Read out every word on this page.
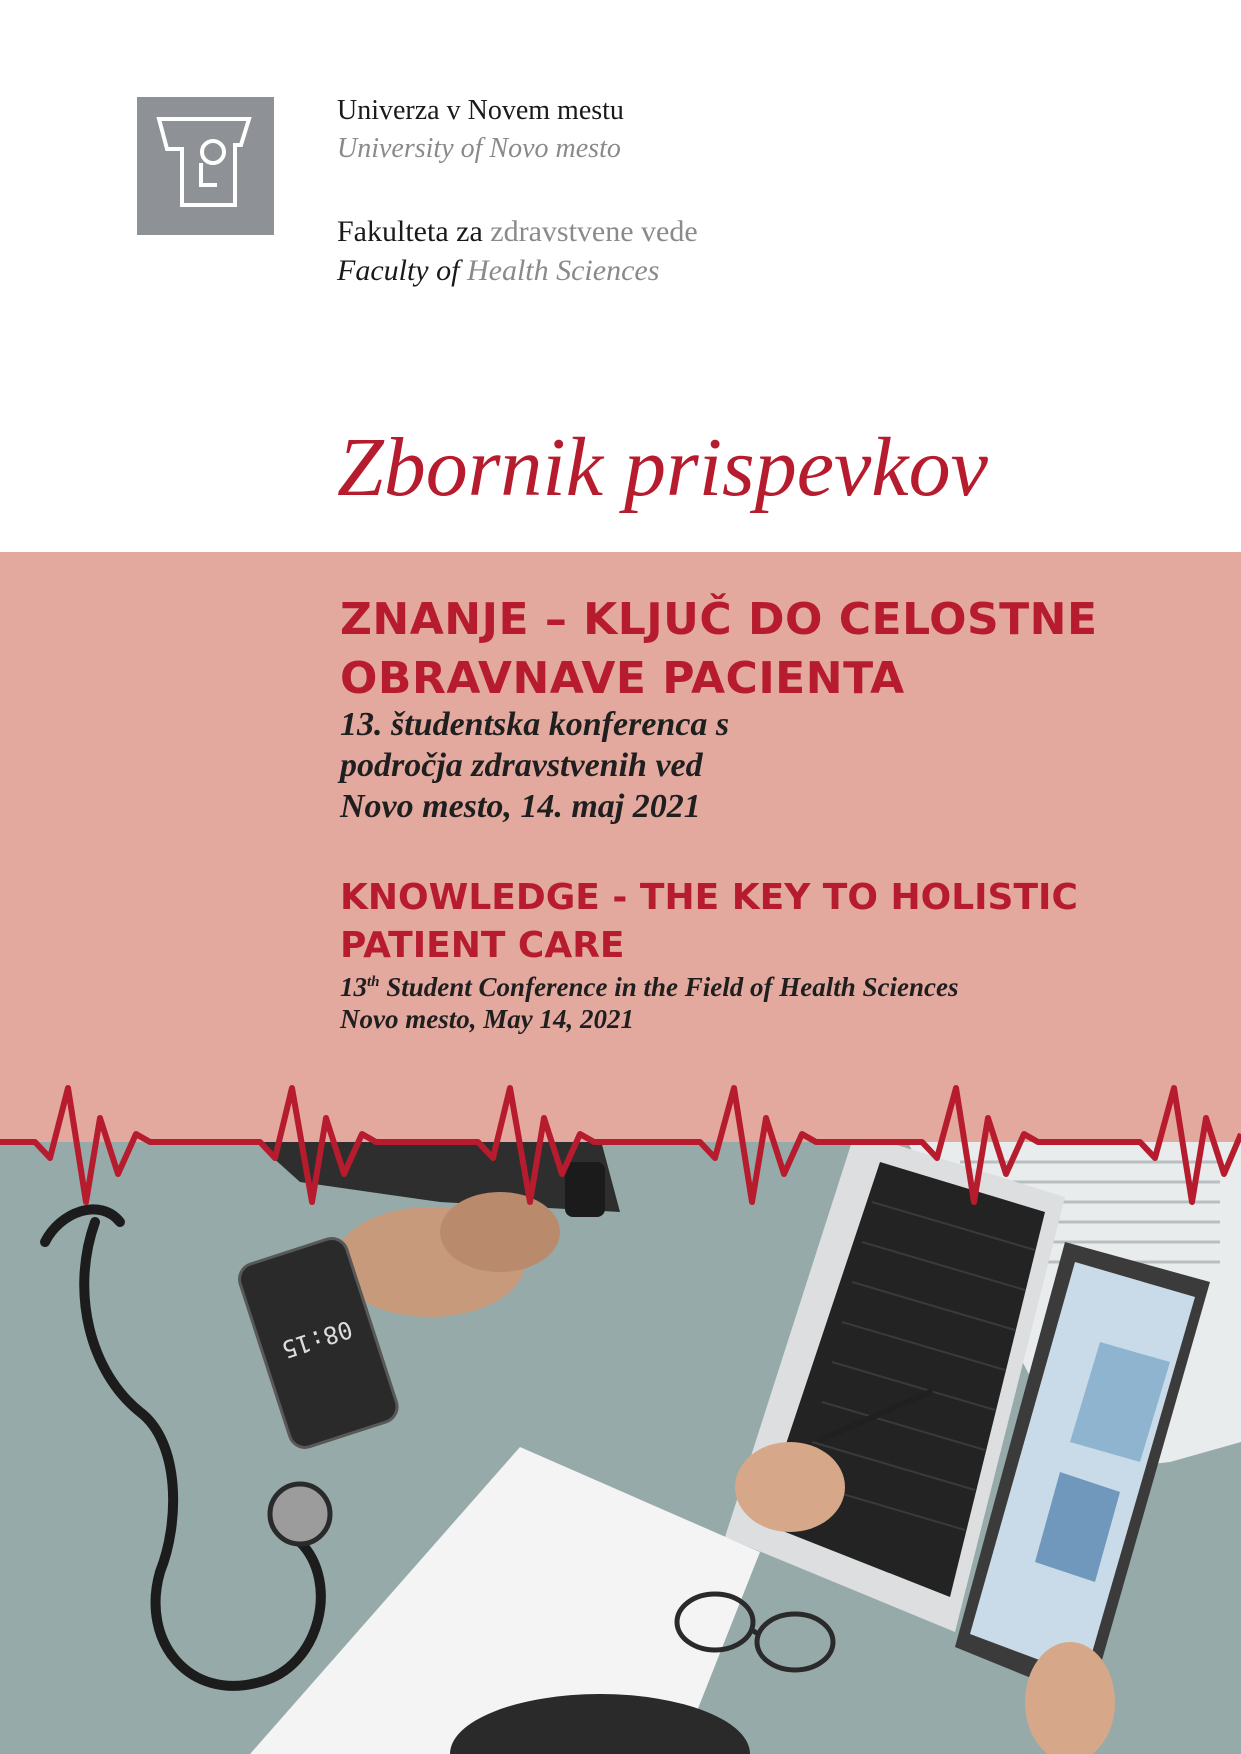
Univerza v Novem mestu
University of Novo mesto
Fakulteta za zdravstvene vede
Faculty of Health Sciences
Zbornik prispevkov
ZNANJE – KLJUČ DO CELOSTNE
OBRAVNAVE PACIENTA
13. študentska konferenca s
področja zdravstvenih ved
Novo mesto, 14. maj 2021
KNOWLEDGE - THE KEY TO HOLISTIC
PATIENT CARE
13th Student Conference in the Field of Health Sciences
Novo mesto, May 14, 2021
08:15
